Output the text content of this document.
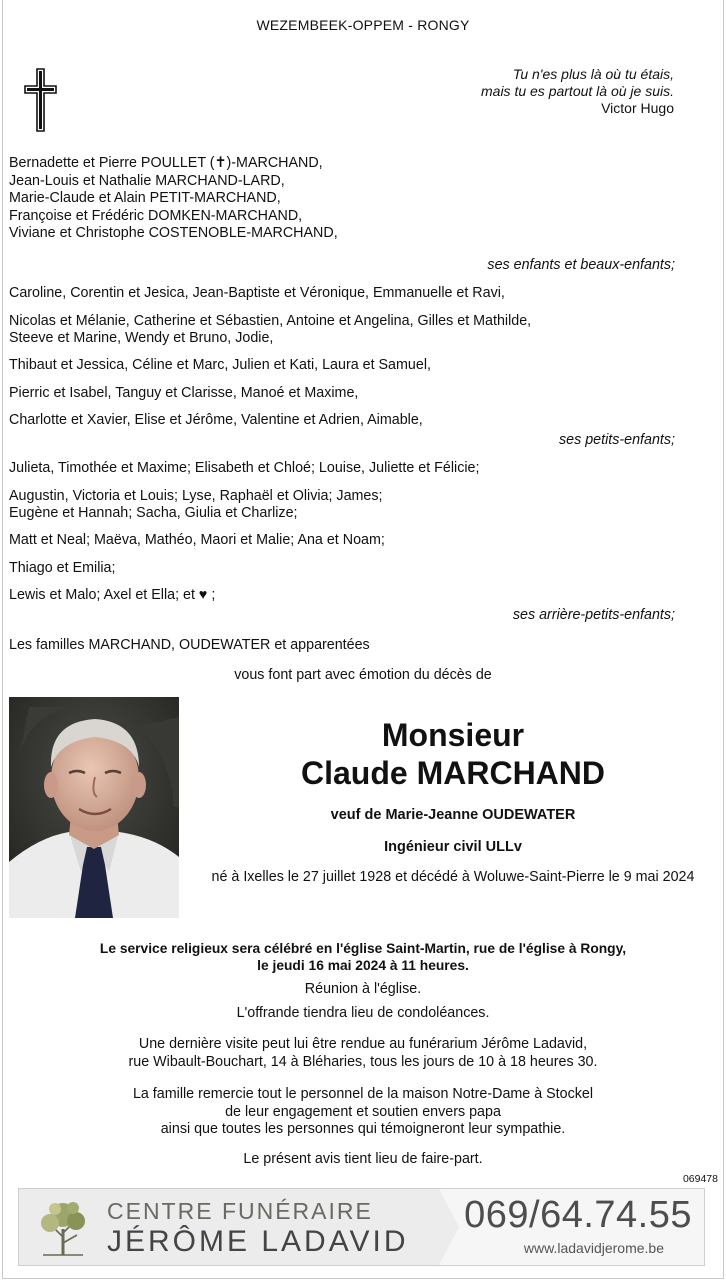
WEZEMBEEK-OPPEM - RONGY
Tu n'es plus là où tu étais,
mais tu es partout là où je suis.
Victor Hugo
Bernadette et Pierre POULLET (✝)-MARCHAND,
Jean-Louis et Nathalie MARCHAND-LARD,
Marie-Claude et Alain PETIT-MARCHAND,
Françoise et Frédéric DOMKEN-MARCHAND,
Viviane et Christophe COSTENOBLE-MARCHAND,
ses enfants et beaux-enfants;
Caroline, Corentin et Jesica, Jean-Baptiste et Véronique, Emmanuelle et Ravi,
Nicolas et Mélanie, Catherine et Sébastien, Antoine et Angelina, Gilles et Mathilde,
Steeve et Marine, Wendy et Bruno, Jodie,
Thibaut et Jessica, Céline et Marc, Julien et Kati, Laura et Samuel,
Pierric et Isabel, Tanguy et Clarisse, Manoé et Maxime,
Charlotte et Xavier, Elise et Jérôme, Valentine et Adrien, Aimable,
ses petits-enfants;
Julieta, Timothée et Maxime; Elisabeth et Chloé; Louise, Juliette et Félicie;
Augustin, Victoria et Louis; Lyse, Raphaël et Olivia; James;
Eugène et Hannah; Sacha, Giulia et Charlize;
Matt et Neal; Maëva, Mathéo, Maori et Malie; Ana et Noam;
Thiago et Emilia;
Lewis et Malo; Axel et Ella; et ♥ ;
ses arrière-petits-enfants;
Les familles MARCHAND, OUDEWATER et apparentées
vous font part avec émotion du décès de
Monsieur
Claude MARCHAND
veuf de Marie-Jeanne OUDEWATER
Ingénieur civil ULLv
né à Ixelles le 27 juillet 1928 et décédé à Woluwe-Saint-Pierre le 9 mai 2024
Le service religieux sera célébré en l'église Saint-Martin, rue de l'église à Rongy,
le jeudi 16 mai 2024 à 11 heures.
Réunion à l'église.
L'offrande tiendra lieu de condoléances.
Une dernière visite peut lui être rendue au funérarium Jérôme Ladavid,
rue Wibault-Bouchart, 14 à Bléharies, tous les jours de 10 à 18 heures 30.
La famille remercie tout le personnel de la maison Notre-Dame à Stockel
de leur engagement et soutien envers papa
ainsi que toutes les personnes qui témoigneront leur sympathie.
Le présent avis tient lieu de faire-part.
069478
CENTRE FUNÉRAIRE
JÉRÔME LADAVID
069/64.74.55
www.ladavidjerome.be
